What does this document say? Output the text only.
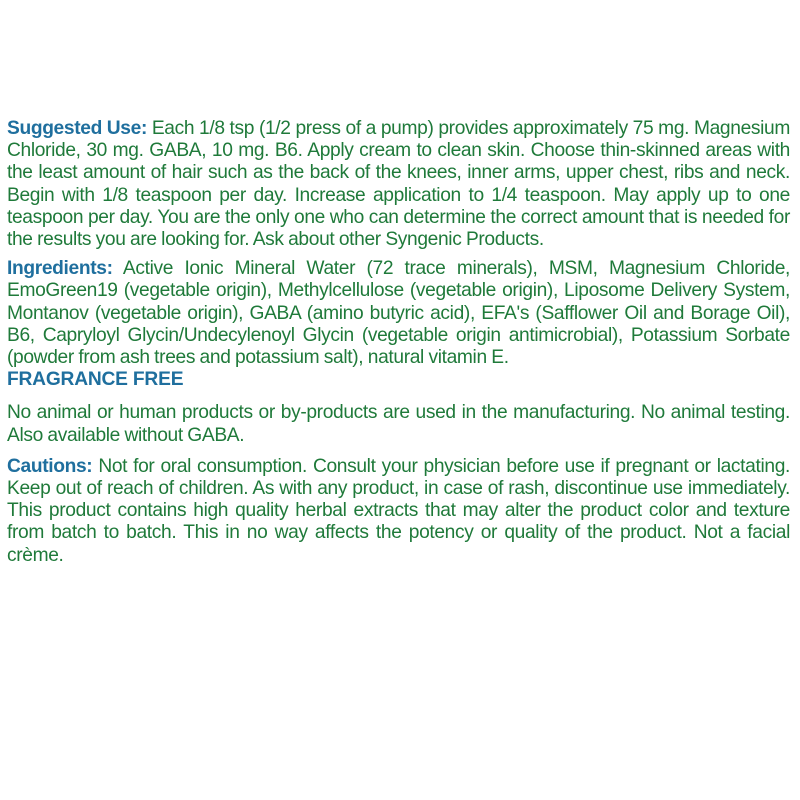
Suggested Use: Each 1/8 tsp (1/2 press of a pump) provides approximately 75 mg. Magnesium Chloride, 30 mg. GABA, 10 mg. B6. Apply cream to clean skin. Choose thin-skinned areas with the least amount of hair such as the back of the knees, inner arms, upper chest, ribs and neck. Begin with 1/8 teaspoon per day. Increase application to 1/4 teaspoon. May apply up to one teaspoon per day. You are the only one who can determine the correct amount that is needed for the results you are looking for. Ask about other Syngenic Products.

Ingredients: Active Ionic Mineral Water (72 trace minerals), MSM, Magnesium Chloride, EmoGreen19 (vegetable origin), Methylcellulose (vegetable origin), Liposome Delivery System, Montanov (vegetable origin), GABA (amino butyric acid), EFA's (Safflower Oil and Borage Oil), B6, Capryloyl Glycin/Undecylenoyl Glycin (vegetable origin antimicrobial), Potassium Sorbate (powder from ash trees and potassium salt), natural vitamin E.

FRAGRANCE FREE

No animal or human products or by-products are used in the manufacturing. No animal testing. Also available without GABA.

Cautions: Not for oral consumption. Consult your physician before use if pregnant or lactating. Keep out of reach of children. As with any product, in case of rash, discontinue use immediately. This product contains high quality herbal extracts that may alter the product color and texture from batch to batch. This in no way affects the potency or quality of the product. Not a facial crème.
